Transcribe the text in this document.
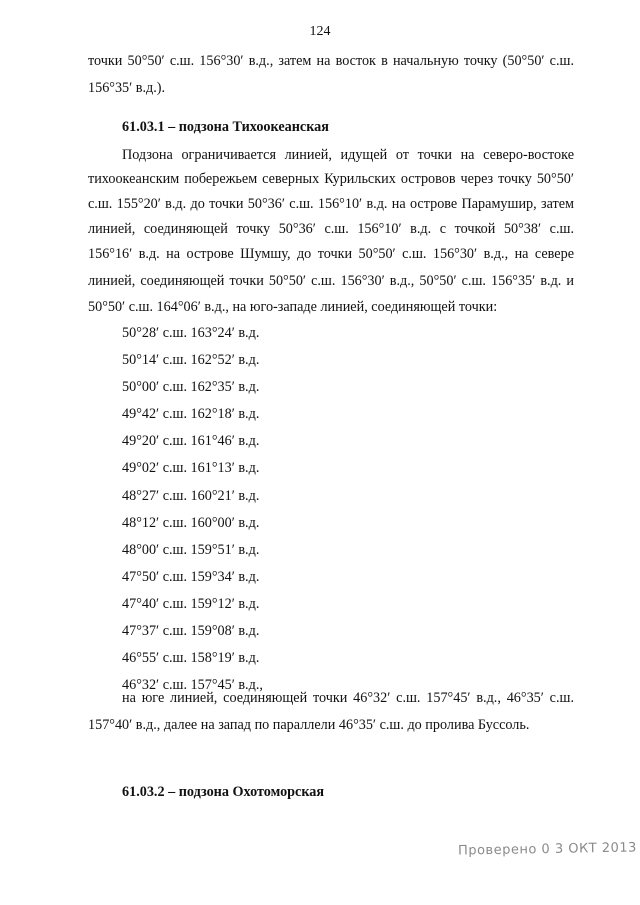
124
точки 50°50′ с.ш. 156°30′ в.д., затем на восток в начальную точку (50°50′ с.ш.
156°35′ в.д.).
61.03.1 – подзона Тихоокеанская
Подзона ограничивается линией, идущей от точки на северо-востоке
тихоокеанским побережьем северных Курильских островов через точку 50°50′
с.ш. 155°20′ в.д. до точки 50°36′ с.ш. 156°10′ в.д. на острове Парамушир, затем
линией, соединяющей точку 50°36′ с.ш. 156°10′ в.д. с точкой 50°38′ с.ш.
156°16′ в.д. на острове Шумшу, до точки 50°50′ с.ш. 156°30′ в.д., на севере
линией, соединяющей точки 50°50′ с.ш. 156°30′ в.д., 50°50′ с.ш. 156°35′ в.д. и
50°50′ с.ш. 164°06′ в.д., на юго-западе линией, соединяющей точки:
50°28′ с.ш. 163°24′ в.д.
50°14′ с.ш. 162°52′ в.д.
50°00′ с.ш. 162°35′ в.д.
49°42′ с.ш. 162°18′ в.д.
49°20′ с.ш. 161°46′ в.д.
49°02′ с.ш. 161°13′ в.д.
48°27′ с.ш. 160°21′ в.д.
48°12′ с.ш. 160°00′ в.д.
48°00′ с.ш. 159°51′ в.д.
47°50′ с.ш. 159°34′ в.д.
47°40′ с.ш. 159°12′ в.д.
47°37′ с.ш. 159°08′ в.д.
46°55′ с.ш. 158°19′ в.д.
46°32′ с.ш. 157°45′ в.д.,
на юге линией, соединяющей точки 46°32′ с.ш. 157°45′ в.д., 46°35′ с.ш.
157°40′ в.д., далее на запад по параллели 46°35′ с.ш. до пролива Буссоль.
61.03.2 – подзона Охотоморская
Проверено 0 3 ОКТ 2013
